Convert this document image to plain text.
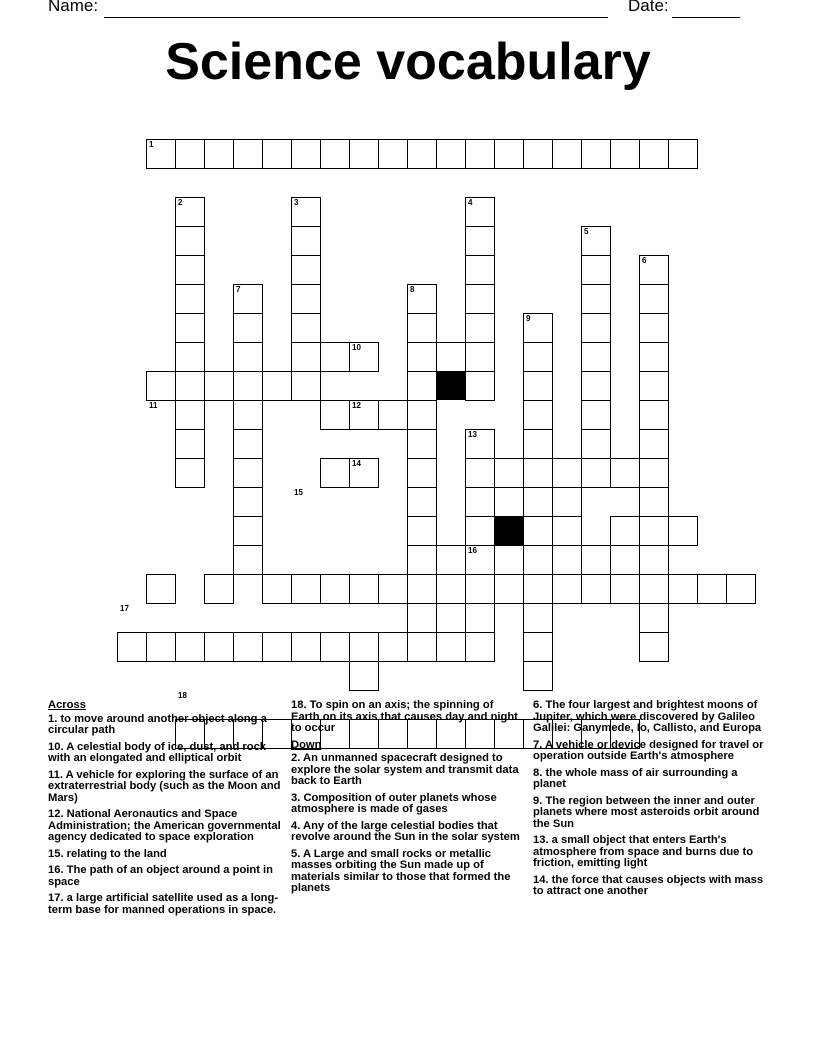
Name:	Date:
Science vocabulary
1
2	3	4
5
6
7	8
9
10
11	12
13
14
15
16
17
18

Across

1. to move around another object along a circular path

10. A celestial body of ice, dust, and rock with an elongated and elliptical orbit

11. A vehicle for exploring the surface of an extraterrestrial body (such as the Moon and Mars)

12. National Aeronautics and Space Administration; the American governmental agency dedicated to space exploration

15. relating to the land

16. The path of an object around a point in space

17. a large artificial satellite used as a long-term base for manned operations in space.

18. To spin on an axis; the spinning of Earth on its axis that causes day and night to occur

Down

2. An unmanned spacecraft designed to explore the solar system and transmit data back to Earth

3. Composition of outer planets whose atmosphere is made of gases

4. Any of the large celestial bodies that revolve around the Sun in the solar system

5. A Large and small rocks or metallic masses orbiting the Sun made up of materials similar to those that formed the planets

6. The four largest and brightest moons of Jupiter, which were discovered by Galileo Galilei: Ganymede, Io, Callisto, and Europa

7. A vehicle or device designed for travel or operation outside Earth's atmosphere

8. the whole mass of air surrounding a planet

9. The region between the inner and outer planets where most asteroids orbit around the Sun

13. a small object that enters Earth's atmosphere from space and burns due to friction, emitting light

14. the force that causes objects with mass to attract one another
